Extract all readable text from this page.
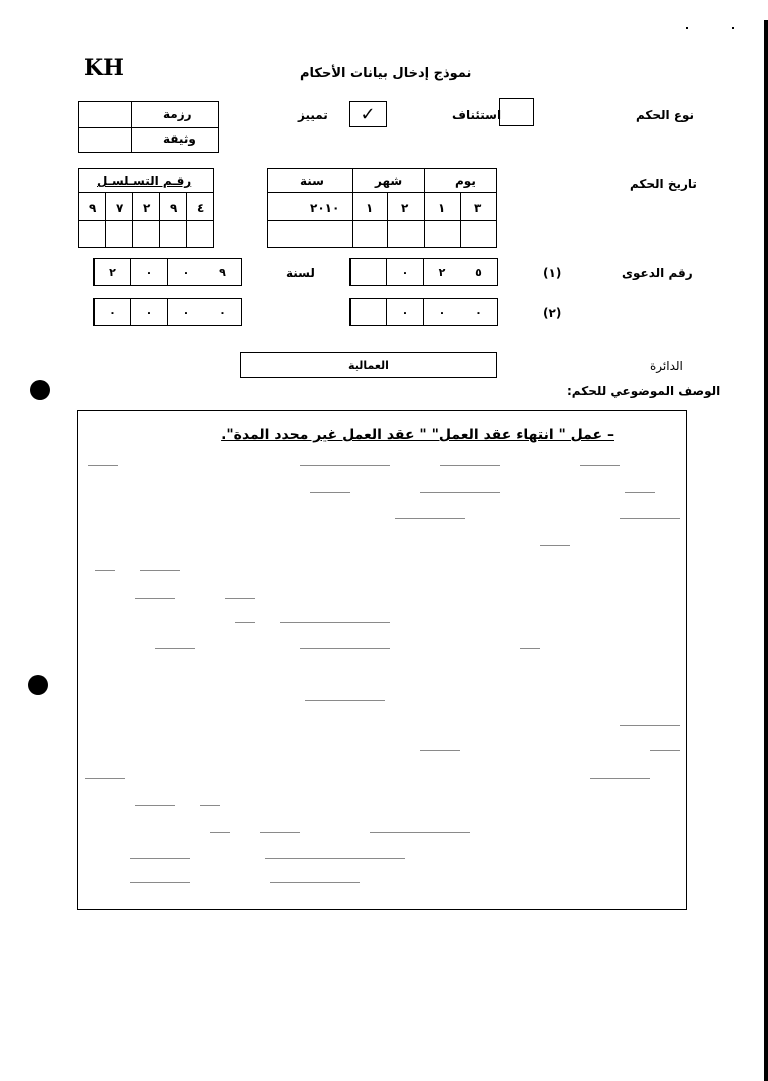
KH	نموذج إدخال بيانات الأحكام
رزمة
وثيقة
نوع الحكم
استئناف
✓
تمييز
تاريخ الحكم
يوم
شهر
سنة
٣
١
٢
١
٢٠١٠
رقـم التسـلسـل
٤
٩
٢
٧
٩
رقم الدعوى
(١)
(٢)
٥
٢
٠
٠
٠
٠
لسنة
٩
٠
٠
٢
٠
٠
٠
٠
الدائرة
العمالية
الوصف الموضوعي للحكم:
– عمل " انتهاء عقد العمل" " عقد العمل غير محدد المدة".
